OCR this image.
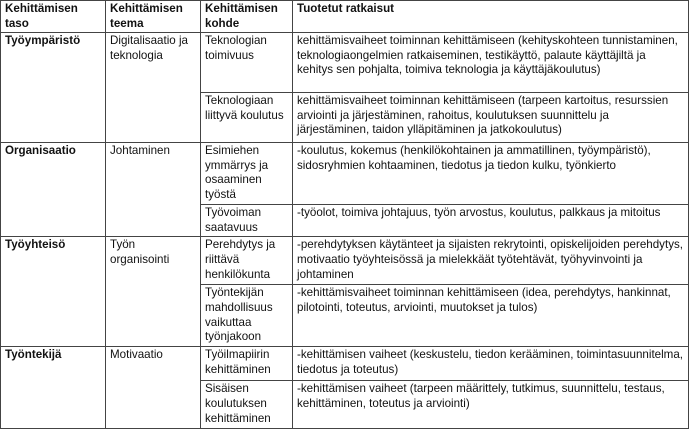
Kehittämisen taso	Kehittämisen teema	Kehittämisen kohde	Tuotetut ratkaisut
Työympäristö	Digitalisaatio ja teknologia	Teknologian toimivuus	kehittämisvaiheet toiminnan kehittämiseen (kehityskohteen tunnistaminen, teknologiaongelmien ratkaiseminen, testikäyttö, palaute käyttäjiltä ja kehitys sen pohjalta, toimiva teknologia ja käyttäjäkoulutus)
		Teknologiaan liittyvä koulutus	kehittämisvaiheet toiminnan kehittämiseen (tarpeen kartoitus, resurssien arviointi ja järjestäminen, rahoitus, koulutuksen suunnittelu ja järjestäminen, taidon ylläpitäminen ja jatkokoulutus)
Organisaatio	Johtaminen	Esimiehen ymmärrys ja osaaminen työstä	-koulutus, kokemus (henkilökohtainen ja ammatillinen, työympäristö), sidosryhmien kohtaaminen, tiedotus ja tiedon kulku, työnkierto
		Työvoiman saatavuus	-työolot, toimiva johtajuus, työn arvostus, koulutus, palkkaus ja mitoitus
Työyhteisö	Työn organisointi	Perehdytys ja riittävä henkilökunta	-perehdytyksen käytänteet ja sijaisten rekrytointi, opiskelijoiden perehdytys, motivaatio työyhteisössä ja mielekkäät työtehtävät, työhyvinvointi ja johtaminen
		Työntekijän mahdollisuus vaikuttaa työnjakoon	-kehittämisvaiheet toiminnan kehittämiseen (idea, perehdytys, hankinnat, pilotointi, toteutus, arviointi, muutokset ja tulos)
Työntekijä	Motivaatio	Työilmapiirin kehittäminen	-kehittämisen vaiheet (keskustelu, tiedon kerääminen, toimintasuunnitelma, tiedotus ja toteutus)
		Sisäisen koulutuksen kehittäminen	-kehittämisen vaiheet (tarpeen määrittely, tutkimus, suunnittelu, testaus, kehittäminen, toteutus ja arviointi)
